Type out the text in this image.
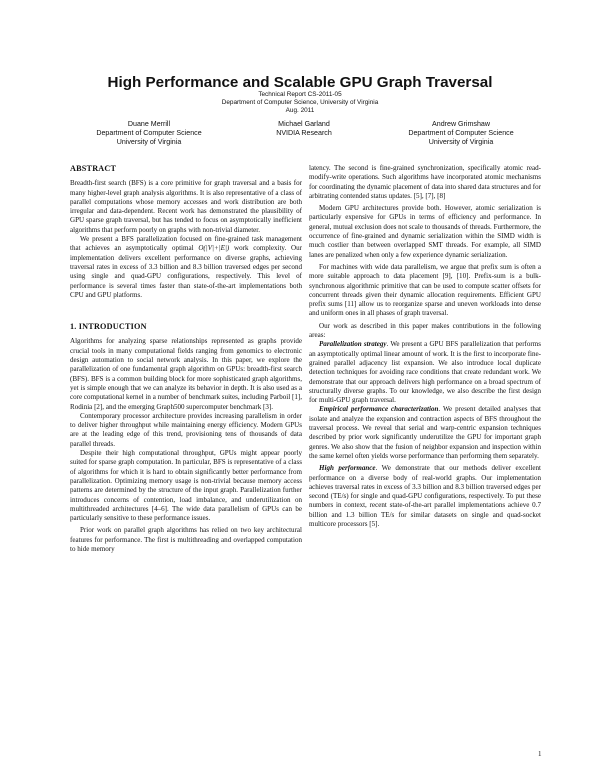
High Performance and Scalable GPU Graph Traversal
Technical Report CS-2011-05
Department of Computer Science, University of Virginia
Aug. 2011
Duane Merrill
Department of Computer Science
University of Virginia
Michael Garland
NVIDIA Research
Andrew Grimshaw
Department of Computer Science
University of Virginia
ABSTRACT

Breadth-first search (BFS) is a core primitive for graph traversal and a basis for many higher-level graph analysis algorithms. It is also representative of a class of parallel computations whose memory accesses and work distribution are both irregular and data-dependent. Recent work has demonstrated the plausibility of GPU sparse graph traversal, but has tended to focus on asymptotically inefficient algorithms that perform poorly on graphs with non-trivial diameter.

We present a BFS parallelization focused on fine-grained task management that achieves an asymptotically optimal O(|V|+|E|) work complexity. Our implementation delivers excellent performance on diverse graphs, achieving traversal rates in excess of 3.3 billion and 8.3 billion traversed edges per second using single and quad-GPU configurations, respectively. This level of performance is several times faster than state-of-the-art implementations both CPU and GPU platforms.

1. INTRODUCTION

Algorithms for analyzing sparse relationships represented as graphs provide crucial tools in many computational fields ranging from genomics to electronic design automation to social network analysis. In this paper, we explore the parallelization of one fundamental graph algorithm on GPUs: breadth-first search (BFS). BFS is a common building block for more sophisticated graph algorithms, yet is simple enough that we can analyze its behavior in depth. It is also used as a core computational kernel in a number of benchmark suites, including Parboil [1], Rodinia [2], and the emerging Graph500 supercomputer benchmark [3].

Contemporary processor architecture provides increasing parallelism in order to deliver higher throughput while maintaining energy efficiency. Modern GPUs are at the leading edge of this trend, provisioning tens of thousands of data parallel threads.

Despite their high computational throughput, GPUs might appear poorly suited for sparse graph computation. In particular, BFS is representative of a class of algorithms for which it is hard to obtain significantly better performance from parallelization. Optimizing memory usage is non-trivial because memory access patterns are determined by the structure of the input graph. Parallelization further introduces concerns of contention, load imbalance, and underutilization on multithreaded architectures [4–6]. The wide data parallelism of GPUs can be particularly sensitive to these performance issues.

Prior work on parallel graph algorithms has relied on two key architectural features for performance. The first is multithreading and overlapped computation to hide memory

latency. The second is fine-grained synchronization, specifically atomic read-modify-write operations. Such algorithms have incorporated atomic mechanisms for coordinating the dynamic placement of data into shared data structures and for arbitrating contended status updates. [5], [7], [8]

Modern GPU architectures provide both. However, atomic serialization is particularly expensive for GPUs in terms of efficiency and performance. In general, mutual exclusion does not scale to thousands of threads. Furthermore, the occurrence of fine-grained and dynamic serialization within the SIMD width is much costlier than between overlapped SMT threads. For example, all SIMD lanes are penalized when only a few experience dynamic serialization.

For machines with wide data parallelism, we argue that prefix sum is often a more suitable approach to data placement [9], [10]. Prefix-sum is a bulk-synchronous algorithmic primitive that can be used to compute scatter offsets for concurrent threads given their dynamic allocation requirements. Efficient GPU prefix sums [11] allow us to reorganize sparse and uneven workloads into dense and uniform ones in all phases of graph traversal.

Our work as described in this paper makes contributions in the following areas:

Parallelization strategy. We present a GPU BFS parallelization that performs an asymptotically optimal linear amount of work. It is the first to incorporate fine-grained parallel adjacency list expansion. We also introduce local duplicate detection techniques for avoiding race conditions that create redundant work. We demonstrate that our approach delivers high performance on a broad spectrum of structurally diverse graphs. To our knowledge, we also describe the first design for multi-GPU graph traversal.

Empirical performance characterization. We present detailed analyses that isolate and analyze the expansion and contraction aspects of BFS throughout the traversal process. We reveal that serial and warp-centric expansion techniques described by prior work significantly underutilize the GPU for important graph genres. We also show that the fusion of neighbor expansion and inspection within the same kernel often yields worse performance than performing them separately.

High performance. We demonstrate that our methods deliver excellent performance on a diverse body of real-world graphs. Our implementation achieves traversal rates in excess of 3.3 billion and 8.3 billion traversed edges per second (TE/s) for single and quad-GPU configurations, respectively. To put these numbers in context, recent state-of-the-art parallel implementations achieve 0.7 billion and 1.3 billion TE/s for similar datasets on single and quad-socket multicore processors [5].

1
